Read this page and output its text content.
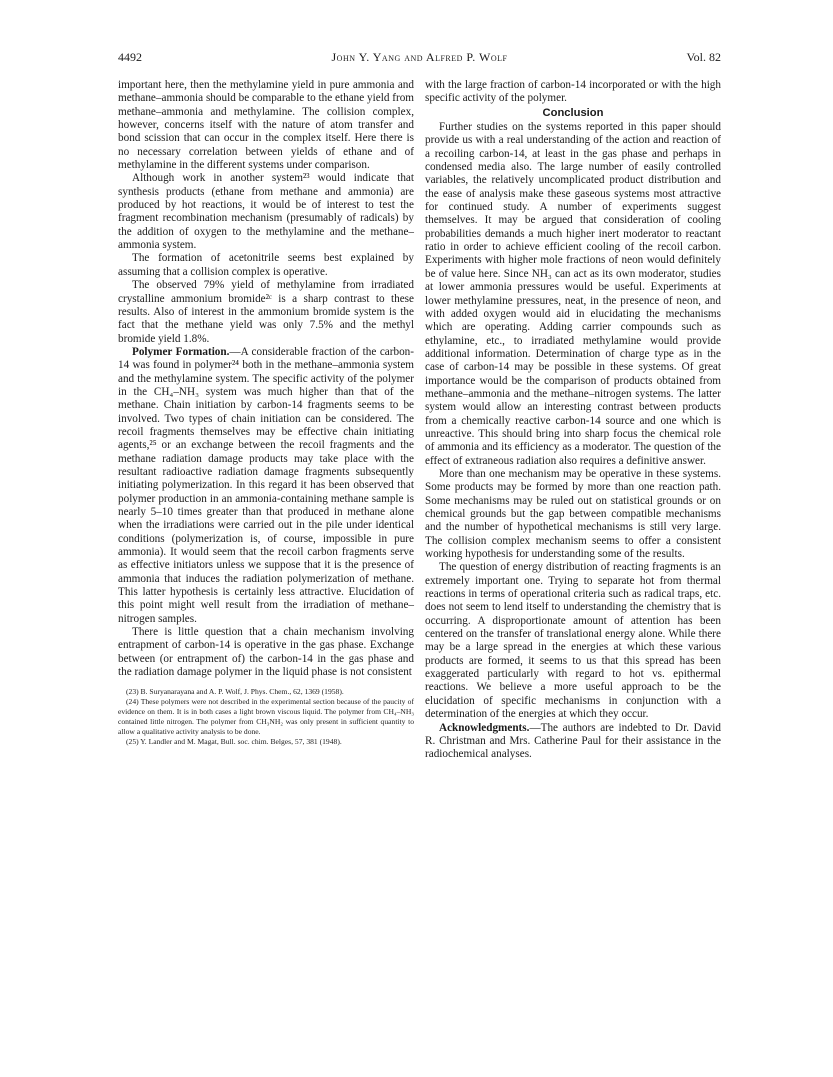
4492	John Y. Yang and Alfred P. Wolf	Vol. 82

important here, then the methylamine yield in pure ammonia and methane–ammonia should be comparable to the ethane yield from methane–ammonia and methylamine. The collision complex, however, concerns itself with the nature of atom transfer and bond scission that can occur in the complex itself. Here there is no necessary correlation between yields of ethane and of methylamine in the different systems under comparison.

Although work in another system²³ would indicate that synthesis products (ethane from methane and ammonia) are produced by hot reactions, it would be of interest to test the fragment recombination mechanism (presumably of radicals) by the addition of oxygen to the methylamine and the methane–ammonia system.

The formation of acetonitrile seems best explained by assuming that a collision complex is operative.

The observed 79% yield of methylamine from irradiated crystalline ammonium bromide²ᶜ is a sharp contrast to these results. Also of interest in the ammonium bromide system is the fact that the methane yield was only 7.5% and the methyl bromide yield 1.8%.

Polymer Formation.—A considerable fraction of the carbon-14 was found in polymer²⁴ both in the methane–ammonia system and the methylamine system. The specific activity of the polymer in the CH₄–NH₃ system was much higher than that of the methane. Chain initiation by carbon-14 fragments seems to be involved. Two types of chain initiation can be considered. The recoil fragments themselves may be effective chain initiating agents,²⁵ or an exchange between the recoil fragments and the methane radiation damage products may take place with the resultant radioactive radiation damage fragments subsequently initiating polymerization. In this regard it has been observed that polymer production in an ammonia-containing methane sample is nearly 5–10 times greater than that produced in methane alone when the irradiations were carried out in the pile under identical conditions (polymerization is, of course, impossible in pure ammonia). It would seem that the recoil carbon fragments serve as effective initiators unless we suppose that it is the presence of ammonia that induces the radiation polymerization of methane. This latter hypothesis is certainly less attractive. Elucidation of this point might well result from the irradiation of methane–nitrogen samples.

There is little question that a chain mechanism involving entrapment of carbon-14 is operative in the gas phase. Exchange between (or entrapment of) the carbon-14 in the gas phase and the radiation damage polymer in the liquid phase is not consistent

(23) B. Suryanarayana and A. P. Wolf, J. Phys. Chem., 62, 1369 (1958).

(24) These polymers were not described in the experimental section because of the paucity of evidence on them. It is in both cases a light brown viscous liquid. The polymer from CH₄–NH₃ contained little nitrogen. The polymer from CH₃NH₂ was only present in sufficient quantity to allow a qualitative activity analysis to be done.

(25) Y. Landler and M. Magat, Bull. soc. chim. Belges, 57, 381 (1948).

with the large fraction of carbon-14 incorporated or with the high specific activity of the polymer.

Conclusion

Further studies on the systems reported in this paper should provide us with a real understanding of the action and reaction of a recoiling carbon-14, at least in the gas phase and perhaps in condensed media also. The large number of easily controlled variables, the relatively uncomplicated product distribution and the ease of analysis make these gaseous systems most attractive for continued study. A number of experiments suggest themselves. It may be argued that consideration of cooling probabilities demands a much higher inert moderator to reactant ratio in order to achieve efficient cooling of the recoil carbon. Experiments with higher mole fractions of neon would definitely be of value here. Since NH₃ can act as its own moderator, studies at lower ammonia pressures would be useful. Experiments at lower methylamine pressures, neat, in the presence of neon, and with added oxygen would aid in elucidating the mechanisms which are operating. Adding carrier compounds such as ethylamine, etc., to irradiated methylamine would provide additional information. Determination of charge type as in the case of carbon-14 may be possible in these systems. Of great importance would be the comparison of products obtained from methane–ammonia and the methane–nitrogen systems. The latter system would allow an interesting contrast between products from a chemically reactive carbon-14 source and one which is unreactive. This should bring into sharp focus the chemical role of ammonia and its efficiency as a moderator. The question of the effect of extraneous radiation also requires a definitive answer.

More than one mechanism may be operative in these systems. Some products may be formed by more than one reaction path. Some mechanisms may be ruled out on statistical grounds or on chemical grounds but the gap between compatible mechanisms and the number of hypothetical mechanisms is still very large. The collision complex mechanism seems to offer a consistent working hypothesis for understanding some of the results.

The question of energy distribution of reacting fragments is an extremely important one. Trying to separate hot from thermal reactions in terms of operational criteria such as radical traps, etc. does not seem to lend itself to understanding the chemistry that is occurring. A disproportionate amount of attention has been centered on the transfer of translational energy alone. While there may be a large spread in the energies at which these various products are formed, it seems to us that this spread has been exaggerated particularly with regard to hot vs. epithermal reactions. We believe a more useful approach to be the elucidation of specific mechanisms in conjunction with a determination of the energies at which they occur.

Acknowledgments.—The authors are indebted to Dr. David R. Christman and Mrs. Catherine Paul for their assistance in the radiochemical analyses.
